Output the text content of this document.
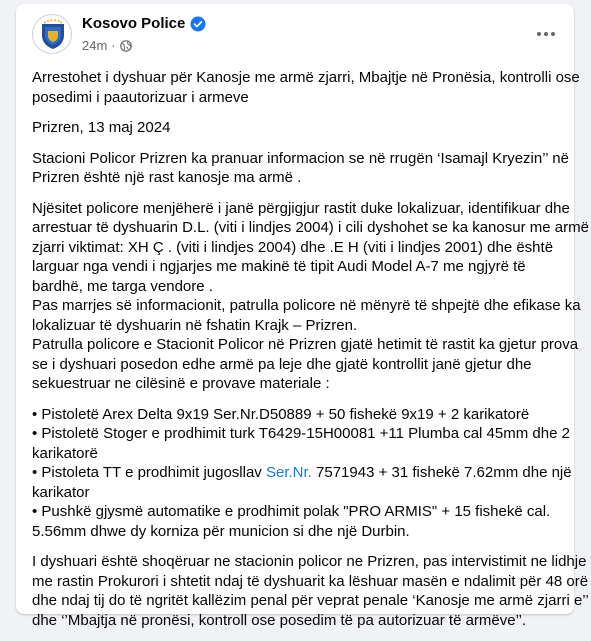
Kosovo Police
24m ·
Arrestohet i dyshuar për Kanosje me armë zjarri, Mbajtje në Pronësia, kontrolli ose
posedimi i paautorizuar i armeve
Prizren, 13 maj 2024
Stacioni Policor Prizren ka pranuar informacion se në rrugën ‘Isamajl Kryezin’’ në
Prizren është një rast kanosje ma armë .
Njësitet policore menjëherë i janë përgjigjur rastit duke lokalizuar, identifikuar dhe
arrestuar të dyshuarin D.L. (viti i lindjes 2004) i cili dyshohet se ka kanosur me armë
zjarri viktimat: XH Ç . (viti i lindjes 2004) dhe .E H (viti i lindjes 2001) dhe është
larguar nga vendi i ngjarjes me makinë të tipit Audi Model A-7 me ngjyrë të
bardhë, me targa vendore .
Pas marrjes së informacionit, patrulla policore në mënyrë të shpejtë dhe efikase ka
lokalizuar të dyshuarin në fshatin Krajk – Prizren.
Patrulla policore e Stacionit Policor në Prizren gjatë hetimit të rastit ka gjetur prova
se i dyshuari posedon edhe armë pa leje dhe gjatë kontrollit janë gjetur dhe
sekuestruar ne cilësinë e provave materiale :
• Pistoletë Arex Delta 9x19 Ser.Nr.D50889 + 50 fishekë 9x19 + 2 karikatorë
• Pistoletë Stoger e prodhimit turk T6429-15H00081 +11 Plumba cal 45mm dhe 2
karikatorë
• Pistoleta TT e prodhimit jugosllav Ser.Nr. 7571943 + 31 fishekë 7.62mm dhe një
karikator
• Pushkë gjysmë automatike e prodhimit polak "PRO ARMIS" + 15 fishekë cal.
5.56mm dhwe dy korniza për municion si dhe një Durbin.
I dyshuari është shoqëruar ne stacionin policor ne Prizren, pas intervistimit ne lidhje
me rastin Prokurori i shtetit ndaj të dyshuarit ka lëshuar masën e ndalimit për 48 orë
dhe ndaj tij do të ngritët kallëzim penal për veprat penale ‘Kanosje me armë zjarri e’’
dhe ‘’Mbajtja në pronësi, kontroll ose posedim të pa autorizuar të armëve’’.
